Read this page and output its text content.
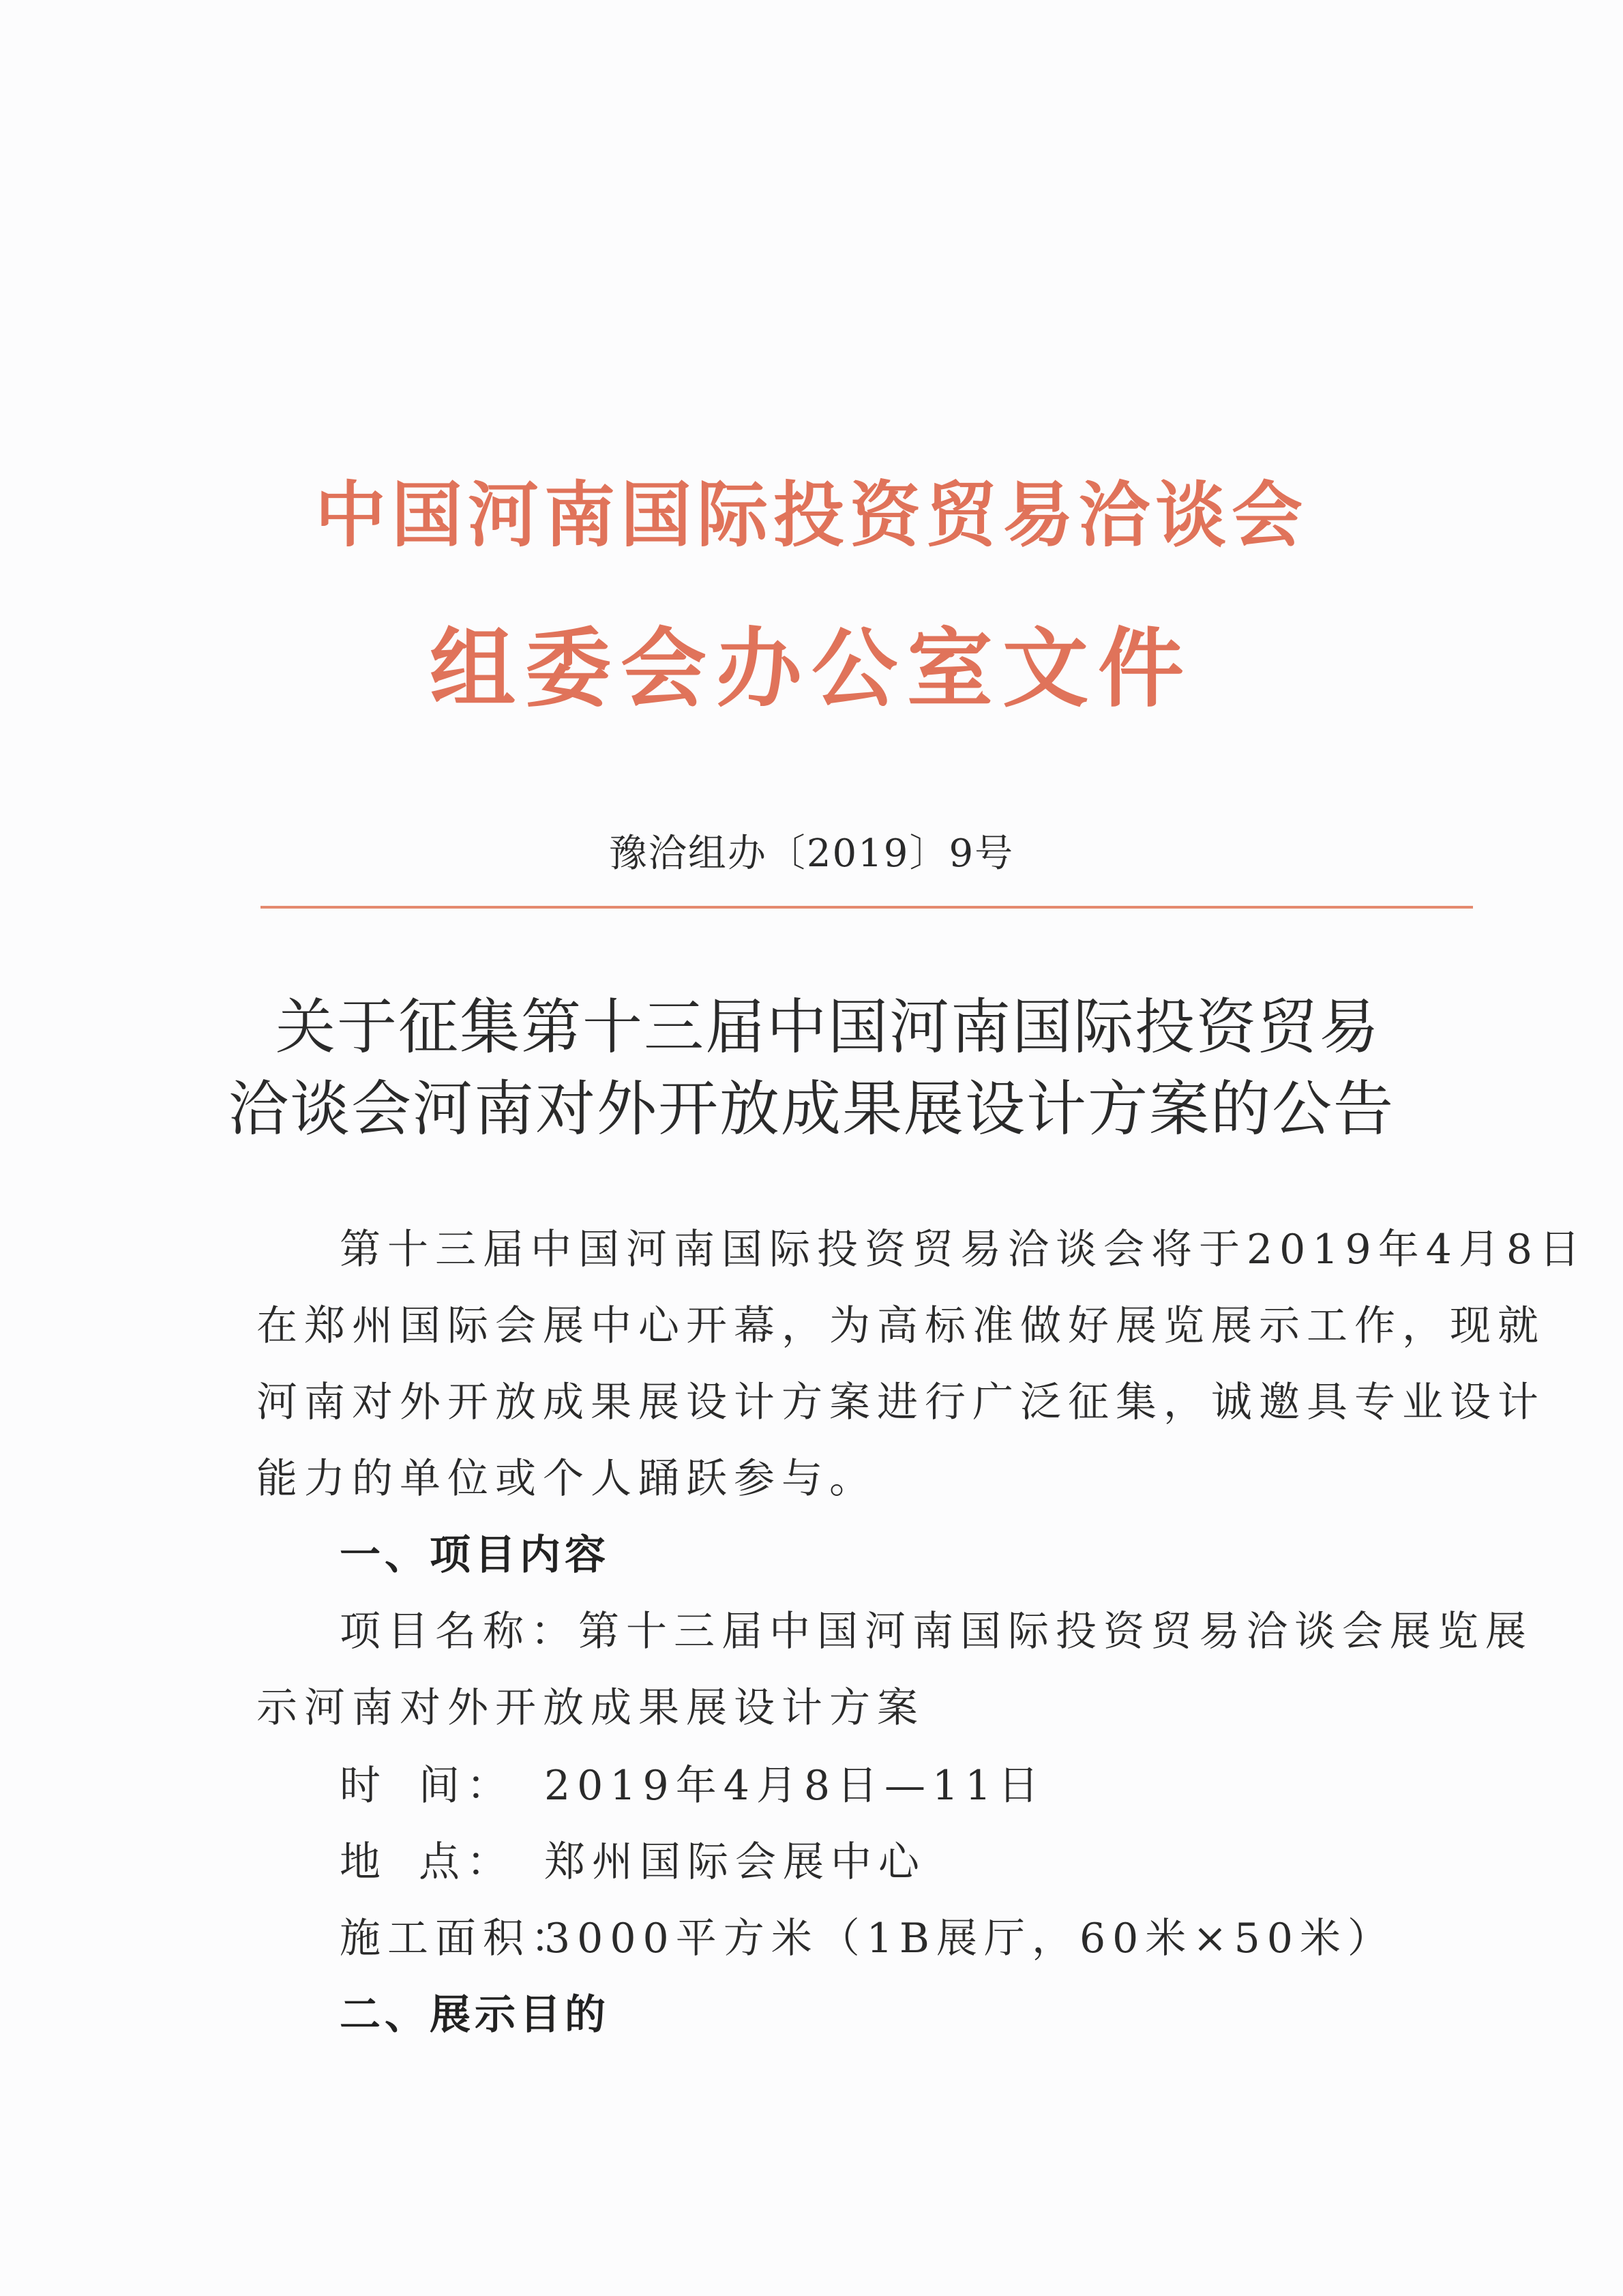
中国河南国际投资贸易洽谈会
组委会办公室文件
豫洽组办〔2019〕9号
关于征集第十三届中国河南国际投资贸易
洽谈会河南对外开放成果展设计方案的公告
第十三届中国河南国际投资贸易洽谈会将于2019年4月8日
在郑州国际会展中心开幕，为高标准做好展览展示工作，现就
河南对外开放成果展设计方案进行广泛征集，诚邀具专业设计
能力的单位或个人踊跃参与。
一、项目内容
项目名称：第十三届中国河南国际投资贸易洽谈会展览展
示河南对外开放成果展设计方案
时 间： 2019年4月8日—11日
地 点： 郑州国际会展中心
施工面积：3000平方米（1B展厅，60米×50米）
二、展示目的
